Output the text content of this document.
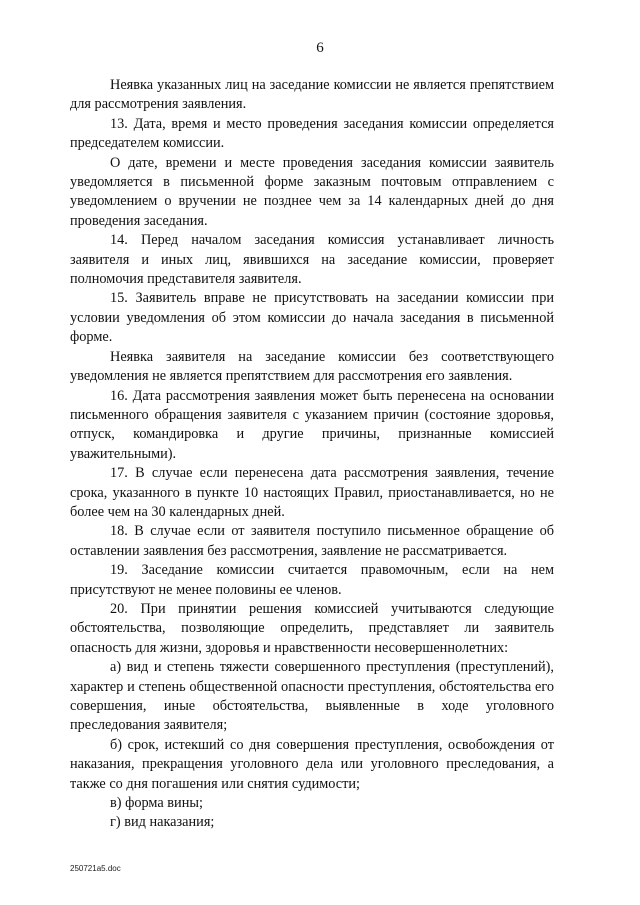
6

Неявка указанных лиц на заседание комиссии не является препятствием для рассмотрения заявления.

13. Дата, время и место проведения заседания комиссии определяется председателем комиссии.

О дате, времени и месте проведения заседания комиссии заявитель уведомляется в письменной форме заказным почтовым отправлением с уведомлением о вручении не позднее чем за 14 календарных дней до дня проведения заседания.

14. Перед началом заседания комиссия устанавливает личность заявителя и иных лиц, явившихся на заседание комиссии, проверяет полномочия представителя заявителя.

15. Заявитель вправе не присутствовать на заседании комиссии при условии уведомления об этом комиссии до начала заседания в письменной форме.

Неявка заявителя на заседание комиссии без соответствующего уведомления не является препятствием для рассмотрения его заявления.

16. Дата рассмотрения заявления может быть перенесена на основании письменного обращения заявителя с указанием причин (состояние здоровья, отпуск, командировка и другие причины, признанные комиссией уважительными).

17. В случае если перенесена дата рассмотрения заявления, течение срока, указанного в пункте 10 настоящих Правил, приостанавливается, но не более чем на 30 календарных дней.

18. В случае если от заявителя поступило письменное обращение об оставлении заявления без рассмотрения, заявление не рассматривается.

19. Заседание комиссии считается правомочным, если на нем присутствуют не менее половины ее членов.

20. При принятии решения комиссией учитываются следующие обстоятельства, позволяющие определить, представляет ли заявитель опасность для жизни, здоровья и нравственности несовершеннолетних:

а) вид и степень тяжести совершенного преступления (преступлений), характер и степень общественной опасности преступления, обстоятельства его совершения, иные обстоятельства, выявленные в ходе уголовного преследования заявителя;

б) срок, истекший со дня совершения преступления, освобождения от наказания, прекращения уголовного дела или уголовного преследования, а также со дня погашения или снятия судимости;

в) форма вины;

г) вид наказания;

250721a5.doc
